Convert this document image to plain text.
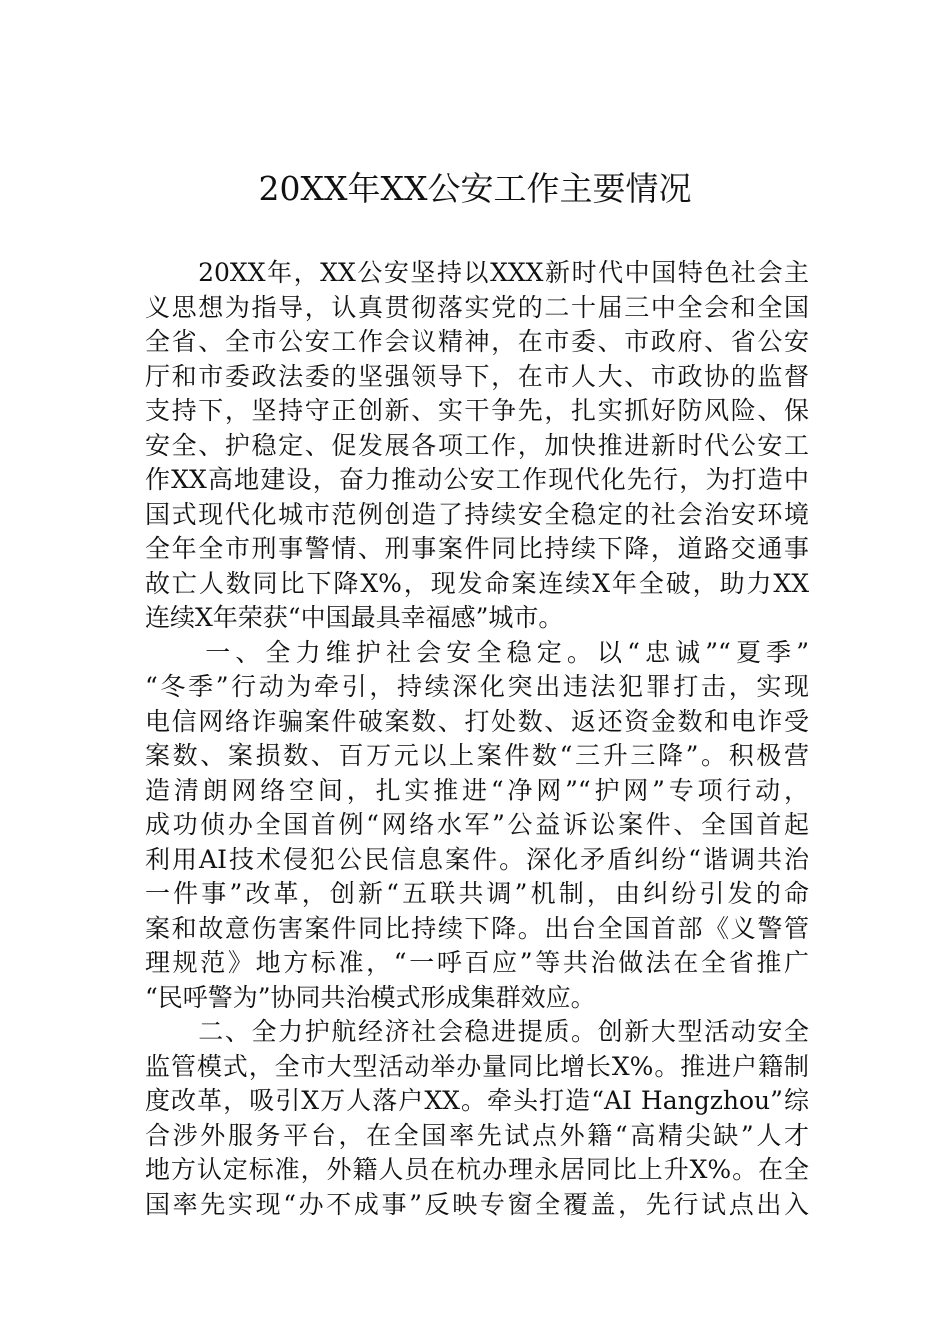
20XX年XX公安工作主要情况
　　20XX年，XX公安坚持以XXX新时代中国特色社会主
义思想为指导，认真贯彻落实党的二十届三中全会和全国
全省、全市公安工作会议精神，在市委、市政府、省公安
厅和市委政法委的坚强领导下，在市人大、市政协的监督
支持下，坚持守正创新、实干争先，扎实抓好防风险、保
安全、护稳定、促发展各项工作，加快推进新时代公安工
作XX高地建设，奋力推动公安工作现代化先行，为打造中
国式现代化城市范例创造了持续安全稳定的社会治安环境
全年全市刑事警情、刑事案件同比持续下降，道路交通事
故亡人数同比下降X%，现发命案连续X年全破，助力XX
连续X年荣获“中国最具幸福感”城市。
　　一、全力维护社会安全稳定。以“忠诚”“夏季”
“冬季”行动为牵引，持续深化突出违法犯罪打击，实现
电信网络诈骗案件破案数、打处数、返还资金数和电诈受
案数、案损数、百万元以上案件数“三升三降”。积极营
造清朗网络空间，扎实推进“净网”“护网”专项行动，
成功侦办全国首例“网络水军”公益诉讼案件、全国首起
利用AI技术侵犯公民信息案件。深化矛盾纠纷“谐调共治
一件事”改革，创新“五联共调”机制，由纠纷引发的命
案和故意伤害案件同比持续下降。出台全国首部《义警管
理规范》地方标准，“一呼百应”等共治做法在全省推广
“民呼警为”协同共治模式形成集群效应。
　　二、全力护航经济社会稳进提质。创新大型活动安全
监管模式，全市大型活动举办量同比增长X%。推进户籍制
度改革，吸引X万人落户XX。牵头打造“AI Hangzhou”综
合涉外服务平台，在全国率先试点外籍“高精尖缺”人才
地方认定标准，外籍人员在杭办理永居同比上升X%。在全
国率先实现“办不成事”反映专窗全覆盖，先行试点出入
